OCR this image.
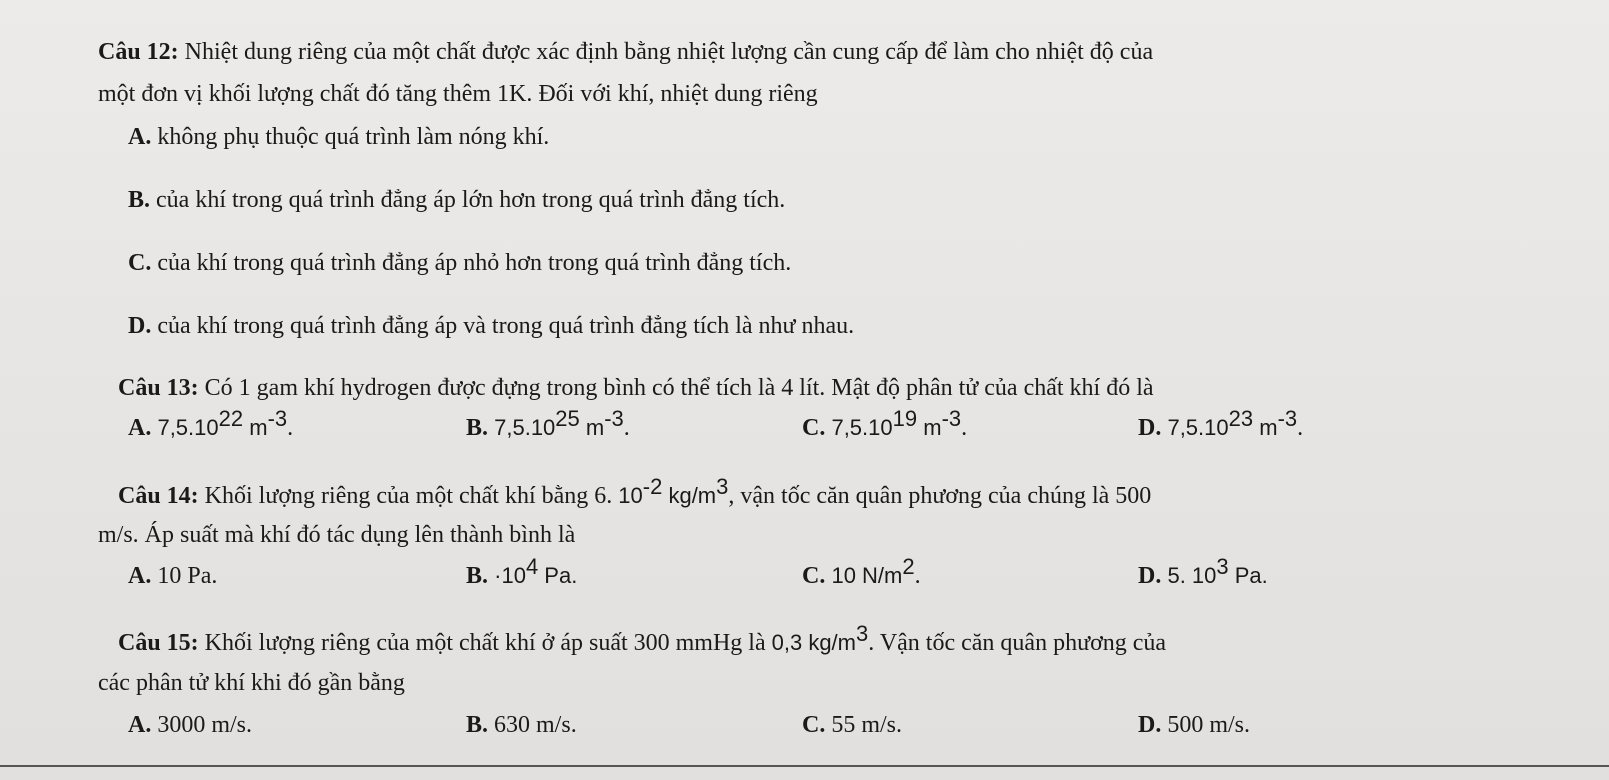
Câu 12: Nhiệt dung riêng của một chất được xác định bằng nhiệt lượng cần cung cấp để làm cho nhiệt độ của
một đơn vị khối lượng chất đó tăng thêm 1K. Đối với khí, nhiệt dung riêng
A. không phụ thuộc quá trình làm nóng khí.
B. của khí trong quá trình đẳng áp lớn hơn trong quá trình đẳng tích.
C. của khí trong quá trình đẳng áp nhỏ hơn trong quá trình đẳng tích.
D. của khí trong quá trình đẳng áp và trong quá trình đẳng tích là như nhau.
Câu 13: Có 1 gam khí hydrogen được đựng trong bình có thể tích là 4 lít. Mật độ phân tử của chất khí đó là
A. 7,5.10$^{22}$ $m^{-3}$.	B. 7,5.10$^{25}$ $m^{-3}$.	C. 7,5.10$^{19}$ $m^{-3}$.	D. 7,5.10$^{23}$ $m^{-3}$.
Câu 14: Khối lượng riêng của một chất khí bằng 6. $10^{-2}$ $kg/m^3$, vận tốc căn quân phương của chúng là 500
m/s. Áp suất mà khí đó tác dụng lên thành bình là
A. 10 Pa.	B. $\cdot 10^4$ Pa.	C. 10 $N/m^2$.	D. 5. $10^3$ Pa.
Câu 15: Khối lượng riêng của một chất khí ở áp suất 300 mmHg là 0,3 $kg/m^3$. Vận tốc căn quân phương của
các phân tử khí khi đó gần bằng
A. 3000 m/s.	B. 630 m/s.	C. 55 m/s.	D. 500 m/s.
